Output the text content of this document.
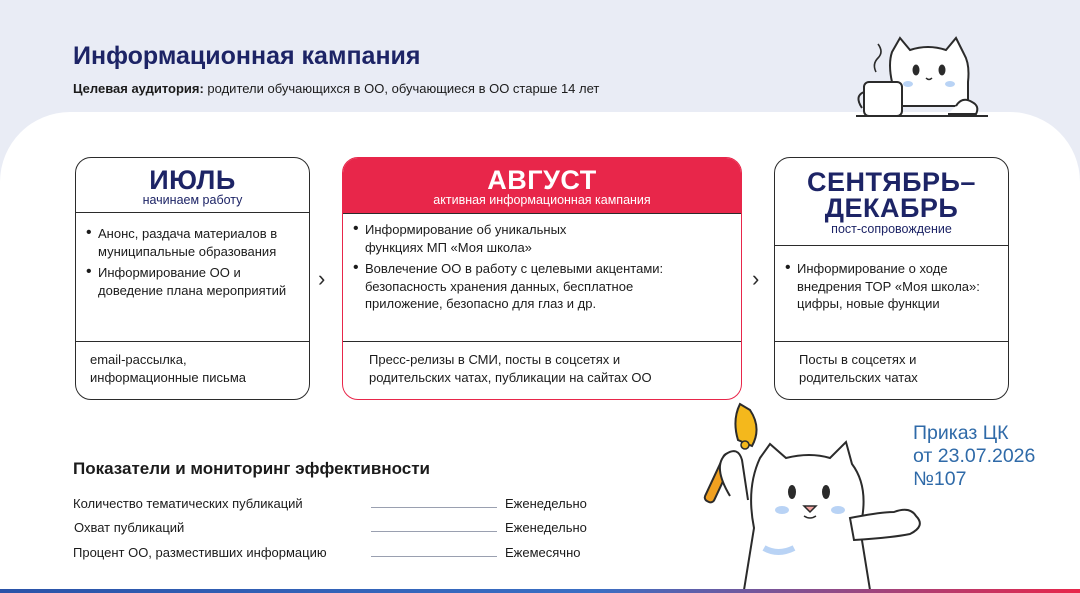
Информационная кампания
Целевая аудитория: родители обучающихся в ОО, обучающиеся в ОО старше 14 лет
ИЮЛЬ
начинаем работу
• Анонс, раздача материалов в муниципальные образования
• Информирование ОО и доведение плана мероприятий
email-рассылка, информационные письма
›
АВГУСТ
активная информационная кампания
• Информирование об уникальных функциях МП «Моя школа»
• Вовлечение ОО в работу с целевыми акцентами: безопасность хранения данных, бесплатное приложение, безопасно для глаз и др.
Пресс-релизы в СМИ, посты в соцсетях и родительских чатах, публикации на сайтах ОО
›
СЕНТЯБРЬ–ДЕКАБРЬ
пост-сопровождение
• Информирование о ходе внедрения ТОР «Моя школа»: цифры, новые функции
Посты в соцсетях и родительских чатах
Показатели и мониторинг эффективности
Количество тематических публикаций	Еженедельно
Охват публикаций	Еженедельно
Процент ОО, разместивших информацию	Ежемесячно
Приказ ЦК
от 23.07.2026
№107
